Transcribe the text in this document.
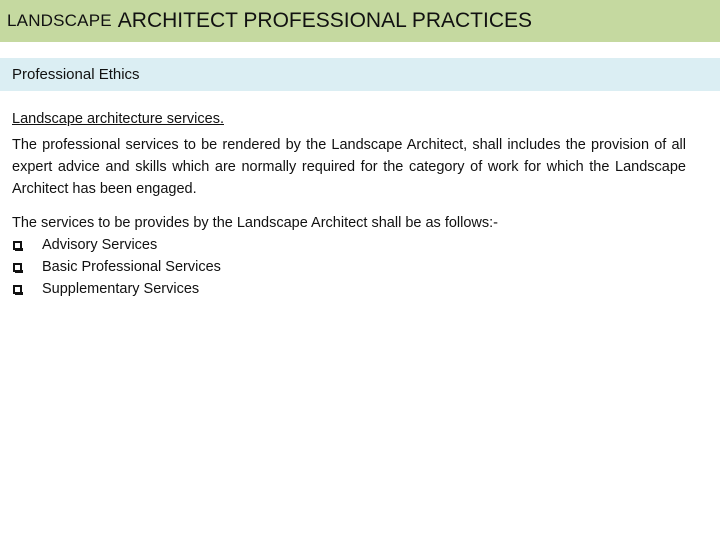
LANDSCAPE ARCHITECT PROFESSIONAL PRACTICES
Professional Ethics
Landscape architecture services.
The professional services to be rendered by the Landscape Architect, shall includes the provision of all expert advice and skills which are normally required for the category of work for which the Landscape Architect has been engaged.
The services to be provides by the Landscape Architect shall be as follows:-
Advisory Services
Basic Professional Services
Supplementary Services
